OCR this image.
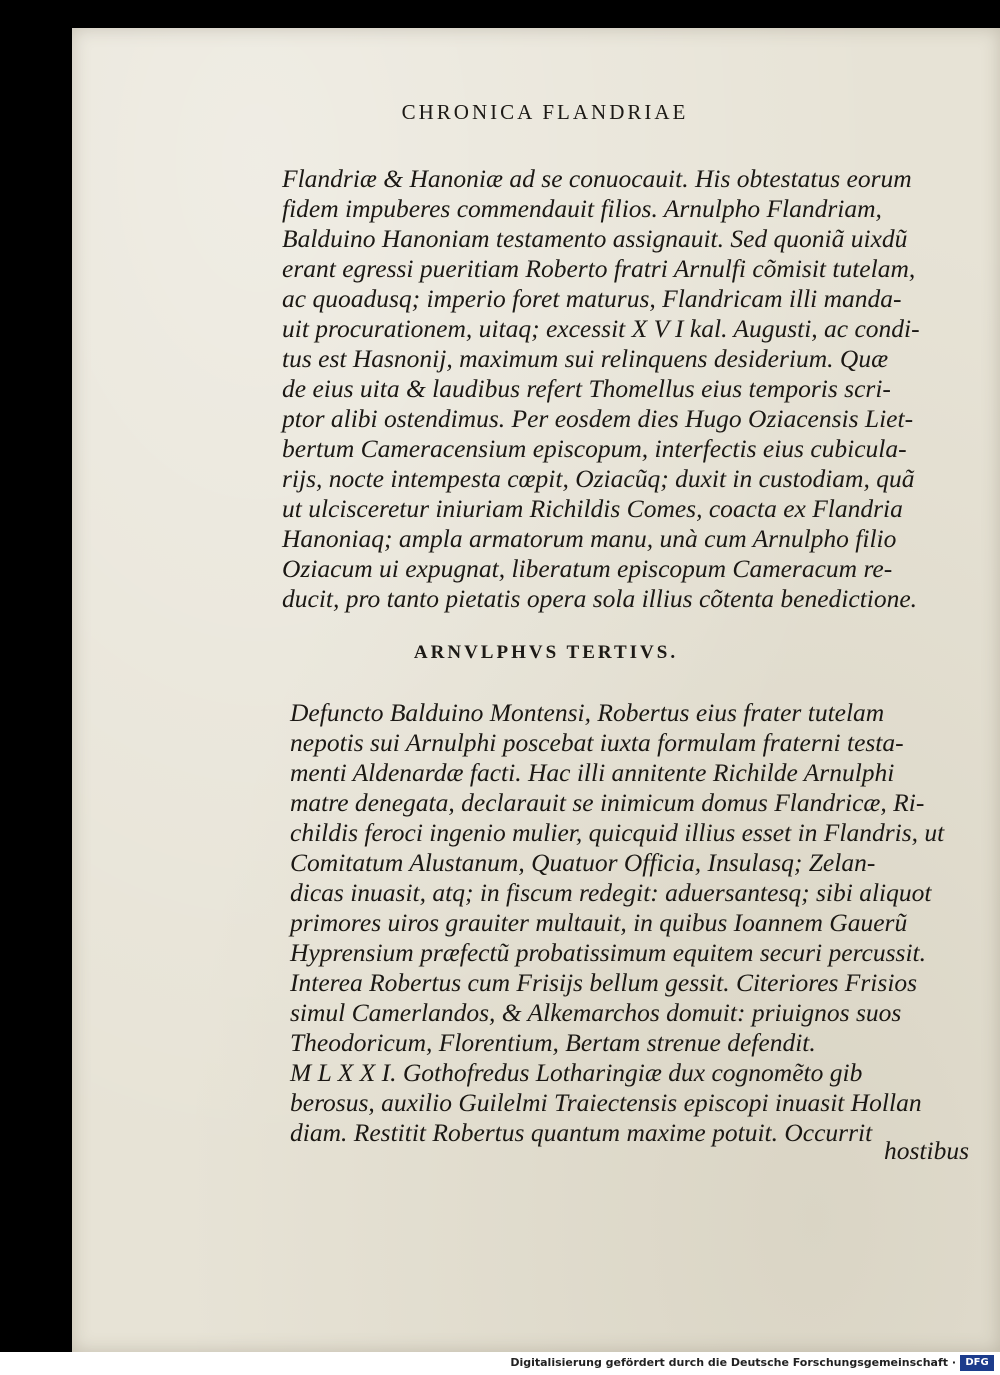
CHRONICA FLANDRIAE
Flandriæ & Hanoniæ ad se conuocauit. His obtestatus eorum
fidem impuberes commendauit filios. Arnulpho Flandriam,
Balduino Hanoniam testamento assignauit. Sed quoniã uixdũ
erant egressi pueritiam Roberto fratri Arnulfi cõmisit tutelam,
ac quoadusq; imperio foret maturus, Flandricam illi manda-
uit procurationem, uitaq; excessit X V I kal. Augusti, ac condi-
tus est Hasnonij, maximum sui relinquens desiderium. Quæ
de eius uita & laudibus refert Thomellus eius temporis scri-
ptor alibi ostendimus. Per eosdem dies Hugo Oziacensis Liet-
bertum Cameracensium episcopum, interfectis eius cubicula-
rijs, nocte intempesta cœpit, Oziacũq; duxit in custodiam, quã
ut ulcisceretur iniuriam Richildis Comes, coacta ex Flandria
Hanoniaq; ampla armatorum manu, unà cum Arnulpho filio
Oziacum ui expugnat, liberatum episcopum Cameracum re-
ducit, pro tanto pietatis opera sola illius cõtenta benedictione.
ARNVLPHVS TERTIVS.
Defuncto Balduino Montensi, Robertus eius frater tutelam
nepotis sui Arnulphi poscebat iuxta formulam fraterni testa-
menti Aldenardæ facti. Hac illi annitente Richilde Arnulphi
matre denegata, declarauit se inimicum domus Flandricæ, Ri-
childis feroci ingenio mulier, quicquid illius esset in Flandris, ut
Comitatum Alustanum, Quatuor Officia, Insulasq; Zelan-
dicas inuasit, atq; in fiscum redegit: aduersantesq; sibi aliquot
primores uiros grauiter multauit, in quibus Ioannem Gauerũ
Hyprensium præfectũ probatissimum equitem securi percussit.
Interea Robertus cum Frisijs bellum gessit. Citeriores Frisios
simul Camerlandos, & Alkemarchos domuit: priuignos suos
Theodoricum, Florentium, Bertam strenue defendit.
M L X X I. Gothofredus Lotharingiæ dux cognomẽto gib
berosus, auxilio Guilelmi Traiectensis episcopi inuasit Hollan
diam. Restitit Robertus quantum maxime potuit. Occurrit
hostibus
Digitalisierung gefördert durch die Deutsche Forschungsgemeinschaft · DFG
